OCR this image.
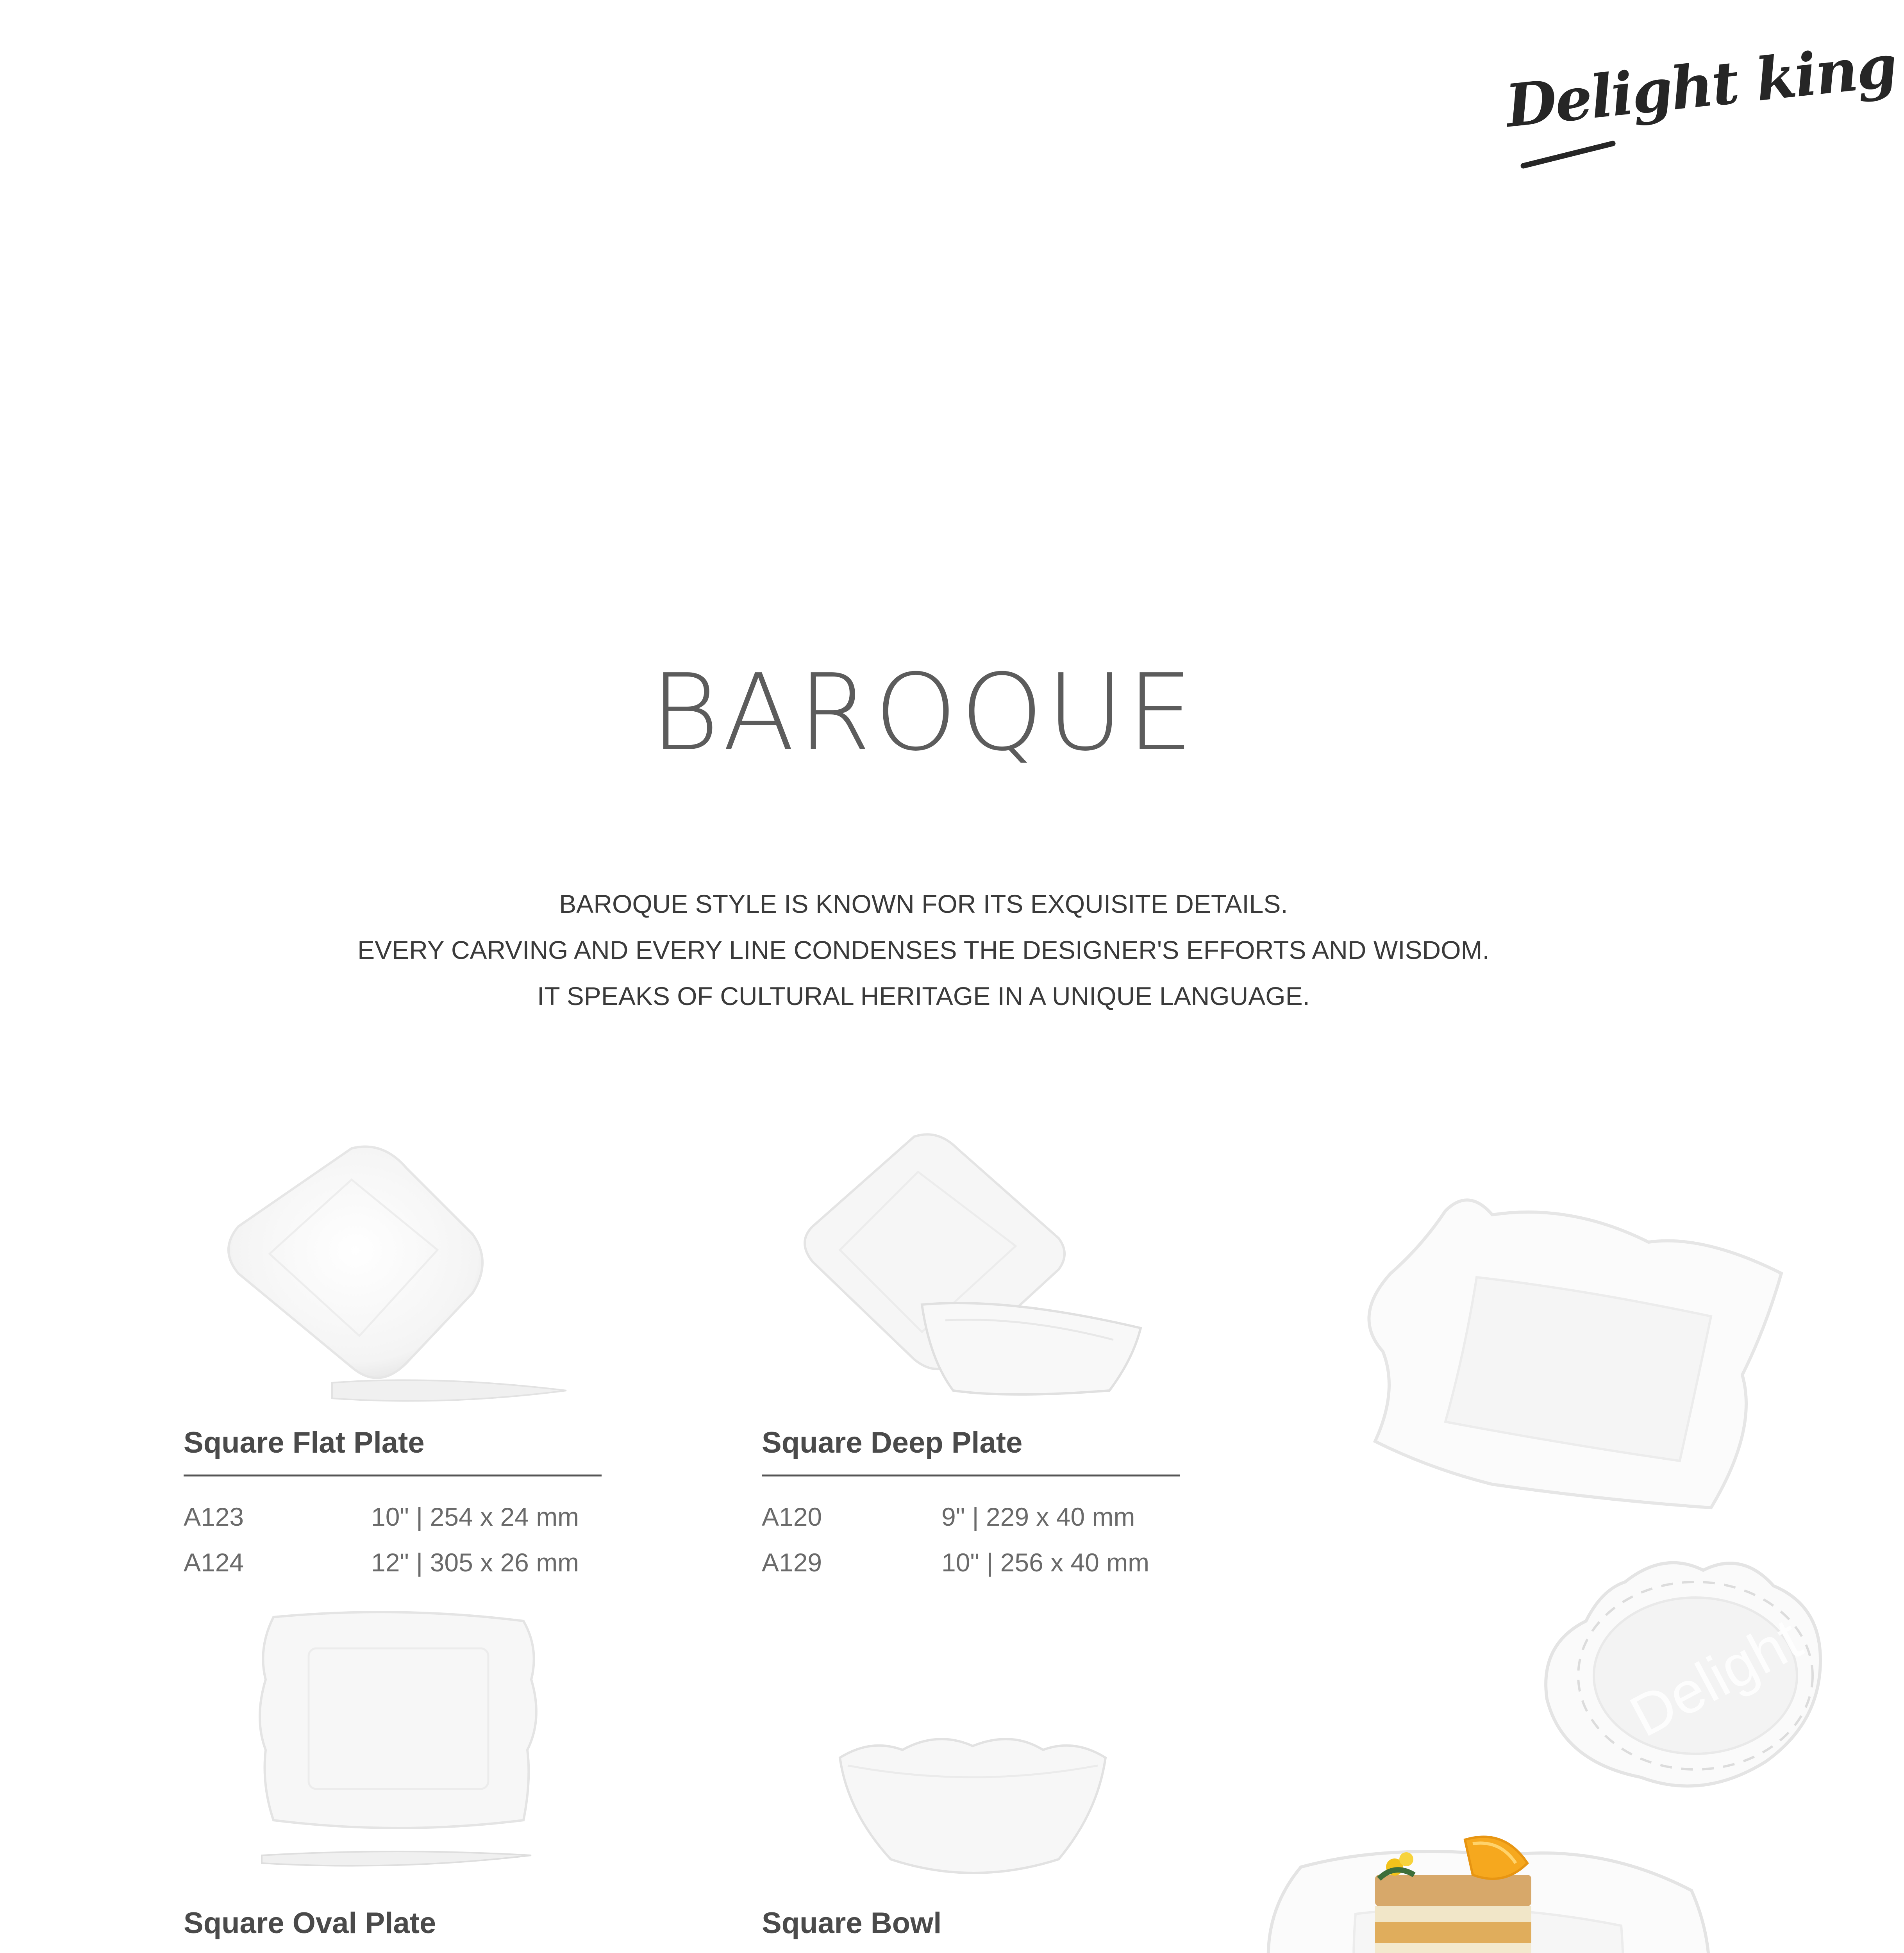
Delight king
BAROQUE
BAROQUE STYLE IS KNOWN FOR ITS EXQUISITE DETAILS.
EVERY CARVING AND EVERY LINE CONDENSES THE DESIGNER'S EFFORTS AND WISDOM.
IT SPEAKS OF CULTURAL HERITAGE IN A UNIQUE LANGUAGE.
Delight
Square Flat Plate
A123	10" | 254 x 24 mm
A124	12" | 305 x 26 mm
Square Deep Plate
A120	9" | 229 x 40 mm
A129	10" | 256 x 40 mm
Square Oval Plate	Square Bowl
